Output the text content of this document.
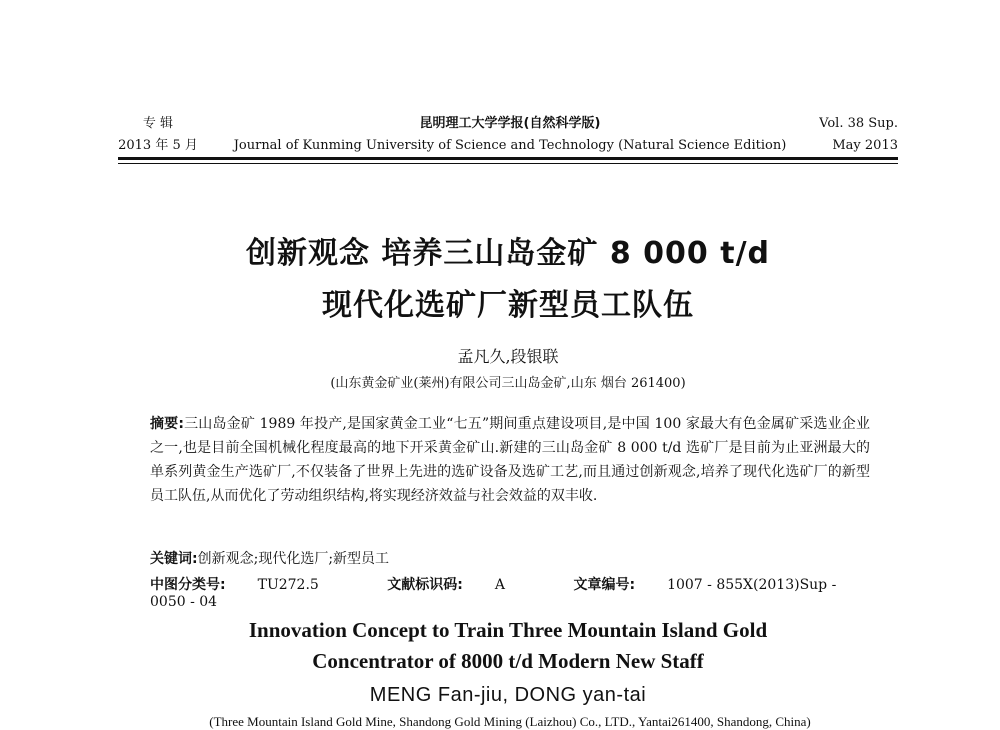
专 辑
2013 年 5 月
昆明理工大学学报(自然科学版)
Journal of Kunming University of Science and Technology (Natural Science Edition)
Vol. 38 Sup.
May 2013
创新观念 培养三山岛金矿 8 000 t/d
现代化选矿厂新型员工队伍
孟凡久,段银联
(山东黄金矿业(莱州)有限公司三山岛金矿,山东 烟台 261400)
摘要:三山岛金矿 1989 年投产,是国家黄金工业“七五”期间重点建设项目,是中国 100 家最大有色金属矿采选业企业之一,也是目前全国机械化程度最高的地下开采黄金矿山.新建的三山岛金矿 8 000 t/d 选矿厂是目前为止亚洲最大的单系列黄金生产选矿厂,不仅装备了世界上先进的选矿设备及选矿工艺,而且通过创新观念,培养了现代化选矿厂的新型员工队伍,从而优化了劳动组织结构,将实现经济效益与社会效益的双丰收.
关键词:创新观念;现代化选厂;新型员工
中图分类号: TU272.5	文献标识码: A	文章编号: 1007 - 855X(2013)Sup - 0050 - 04
Innovation Concept to Train Three Mountain Island Gold
Concentrator of 8000 t/d Modern New Staff
MENG Fan-jiu, DONG yan-tai
(Three Mountain Island Gold Mine, Shandong Gold Mining (Laizhou) Co., LTD., Yantai261400, Shandong, China)
